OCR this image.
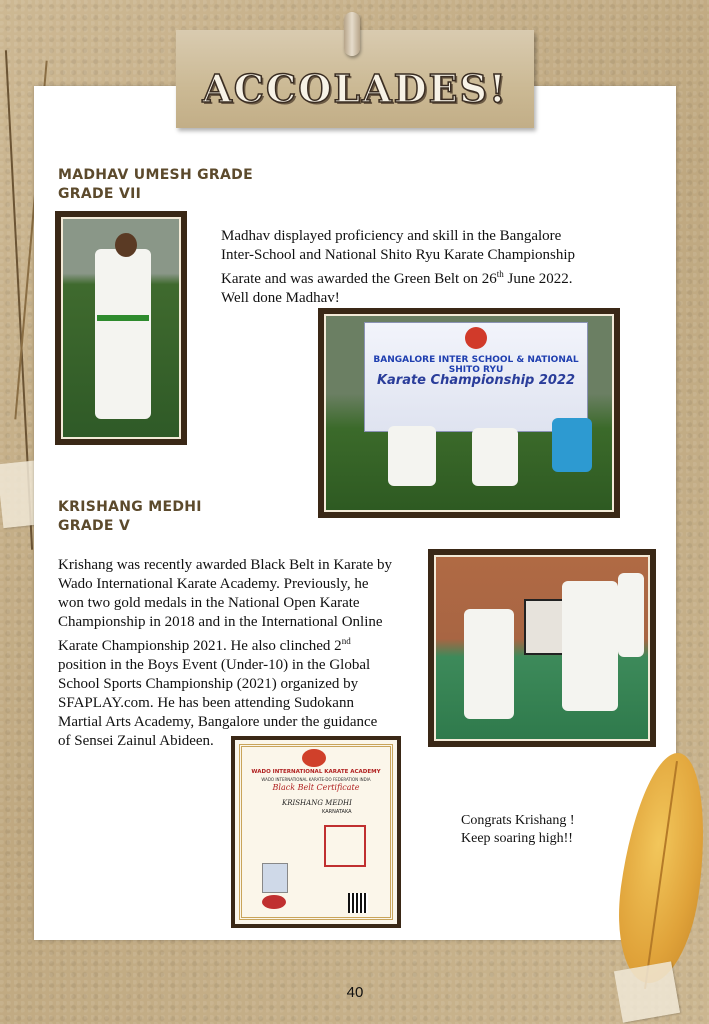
ACCOLADES!
MADHAV UMESH GRADE
GRADE VII
Madhav displayed proficiency and skill in the Bangalore
Inter-School and National Shito Ryu Karate Championship
Karate and was awarded the Green Belt on 26th June 2022.
Well done Madhav!
BANGALORE INTER SCHOOL & NATIONAL SHITO RYU
Karate Championship 2022
KRISHANG MEDHI
GRADE V
Krishang was recently awarded Black Belt in Karate by
Wado International Karate Academy. Previously, he
won two gold medals in the National Open Karate
Championship in 2018 and in the International Online
Karate Championship 2021. He also clinched 2nd
position in the Boys Event (Under-10) in the Global
School Sports Championship (2021) organized by
SFAPLAY.com. He has been attending Sudokann
Martial Arts Academy, Bangalore under the guidance
of Sensei Zainul Abideen.
WADO INTERNATIONAL KARATE ACADEMY
WADO INTERNATIONAL KARATE-DO FEDERATION INDIA
Black Belt Certificate
KRISHANG MEDHI
KARNATAKA
Congrats Krishang !
Keep soaring high!!
40
